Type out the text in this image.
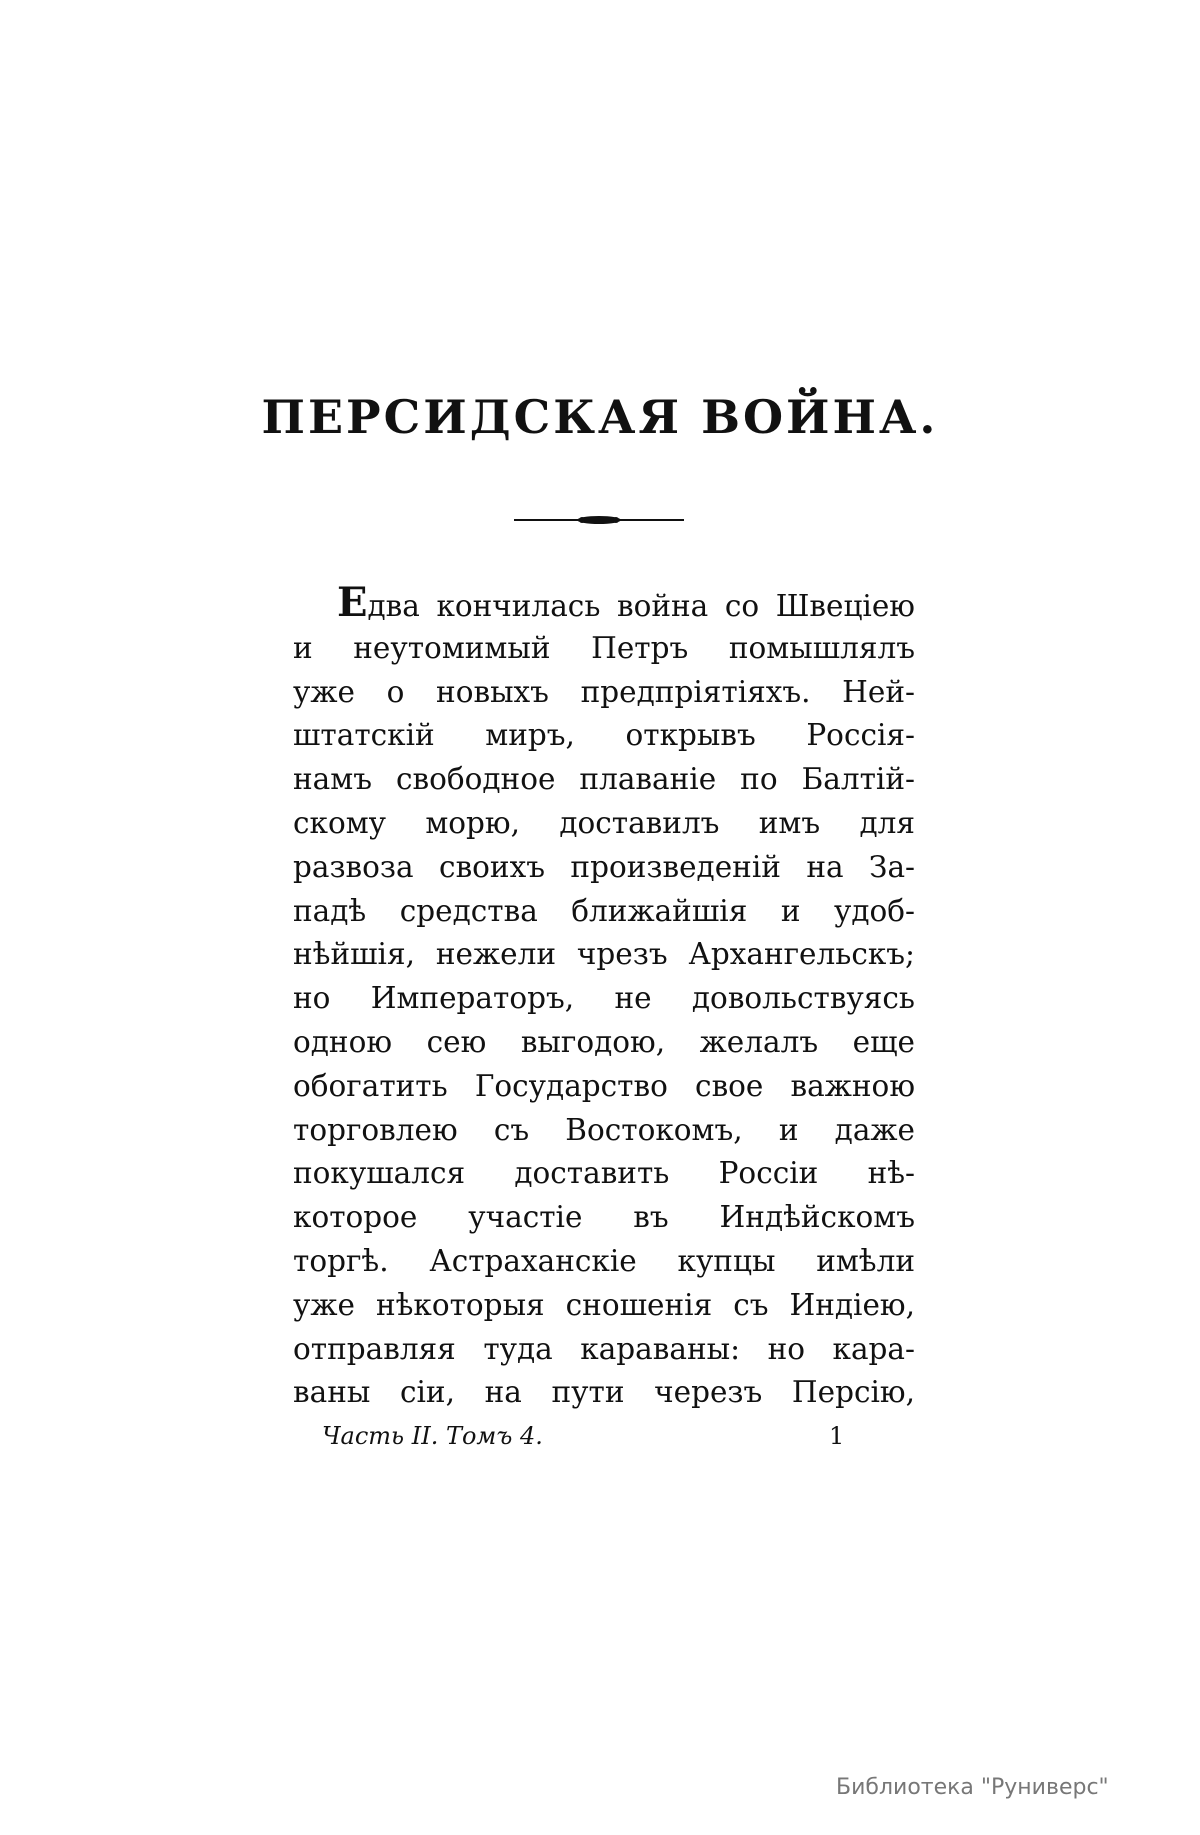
ПЕРСИДСКАЯ ВОЙНА.
Едва кончилась война со Швецiею
и неутомимый Петръ помышлялъ
уже о новыхъ предпрiятiяхъ. Ней-
штатскiй миръ, открывъ Россiя-
намъ свободное плаванiе по Балтiй-
скому морю, доставилъ имъ для
развоза своихъ произведенiй на За-
падѣ средства ближайшiя и удоб-
нѣйшiя, нежели чрезъ Архангельскъ;
но Императоръ, не довольствуясь
одною сею выгодою, желалъ еще
обогатить Государство свое важною
торговлею съ Востокомъ, и даже
покушался доставить Россiи нѣ-
которое участiе въ Индѣйскомъ
торгѣ. Астраханскiе купцы имѣли
уже нѣкоторыя сношенiя съ Индiею,
отправляя туда караваны: но кара-
ваны сiи, на пути черезъ Персiю,
Часть II. Томъ 4.	1
Библиотека "Руниверс"
